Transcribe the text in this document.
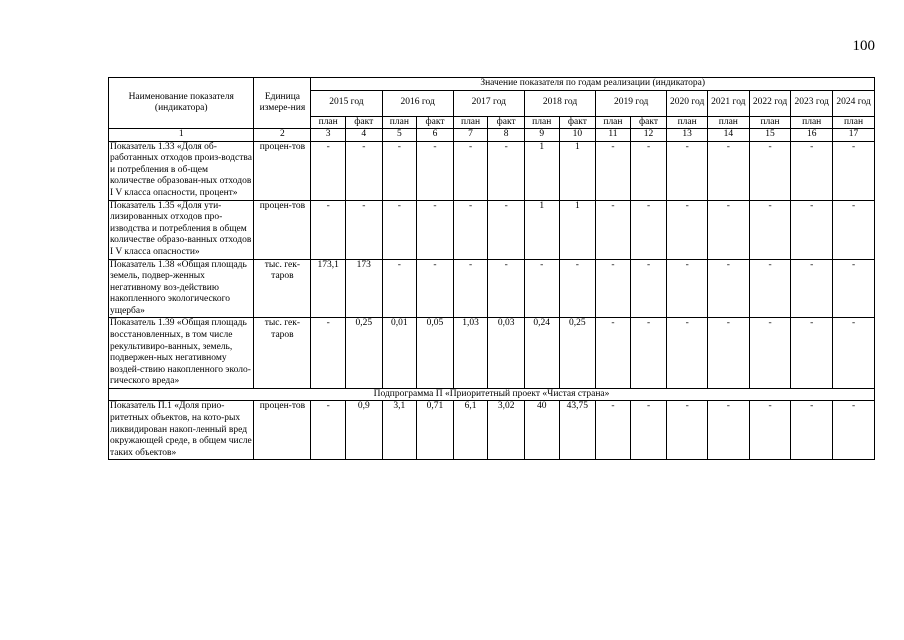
100
Наименование показателя (индикатора)	Единица измере-ния	Значение показателя по годам реализации (индикатора)														
		2015 год		2016 год		2017 год		2018 год		2019 год		2020 год	2021 год	2022 год	2023 год	2024 год
		план	факт	план	факт	план	факт	план	факт	план	факт	план	план	план	план	план
1	2	3	4	5	6	7	8	9	10	11	12	13	14	15	16	17
Показатель 1.33 «Доля об-работанных отходов произ-водства и потребления в об-щем количестве образован-ных отходов I V класса опасности, процент»	процен-тов	-	-	-	-	-	-	1	1	-	-	-	-	-	-	-
Показатель 1.35 «Доля ути-лизированных отходов про-изводства и потребления в общем количестве образо-ванных отходов I V класса опасности»	процен-тов	-	-	-	-	-	-	1	1	-	-	-	-	-	-	-
Показатель 1.38 «Общая площадь земель, подвер-женных негативному воз-действию накопленного экологического ущерба»	тыс. гек-таров	173,1	173	-	-	-	-	-	-	-	-	-	-	-	-	-
Показатель 1.39 «Общая площадь восстановленных, в том числе рекультивиро-ванных, земель, подвержен-ных негативному воздей-ствию накопленного эколо-гического вреда»	тыс. гек-таров	-	0,25	0,01	0,05	1,03	0,03	0,24	0,25	-	-	-	-	-	-	-
Подпрограмма П «Приоритетный проект «Чистая страна»																
Показатель П.1 «Доля прио-ритетных объектов, на кото-рых ликвидирован накоп-ленный вред окружающей среде, в общем числе таких объектов»	процен-тов	-	0,9	3,1	0,71	6,1	3,02	40	43,75	-	-	-	-	-	-	-
